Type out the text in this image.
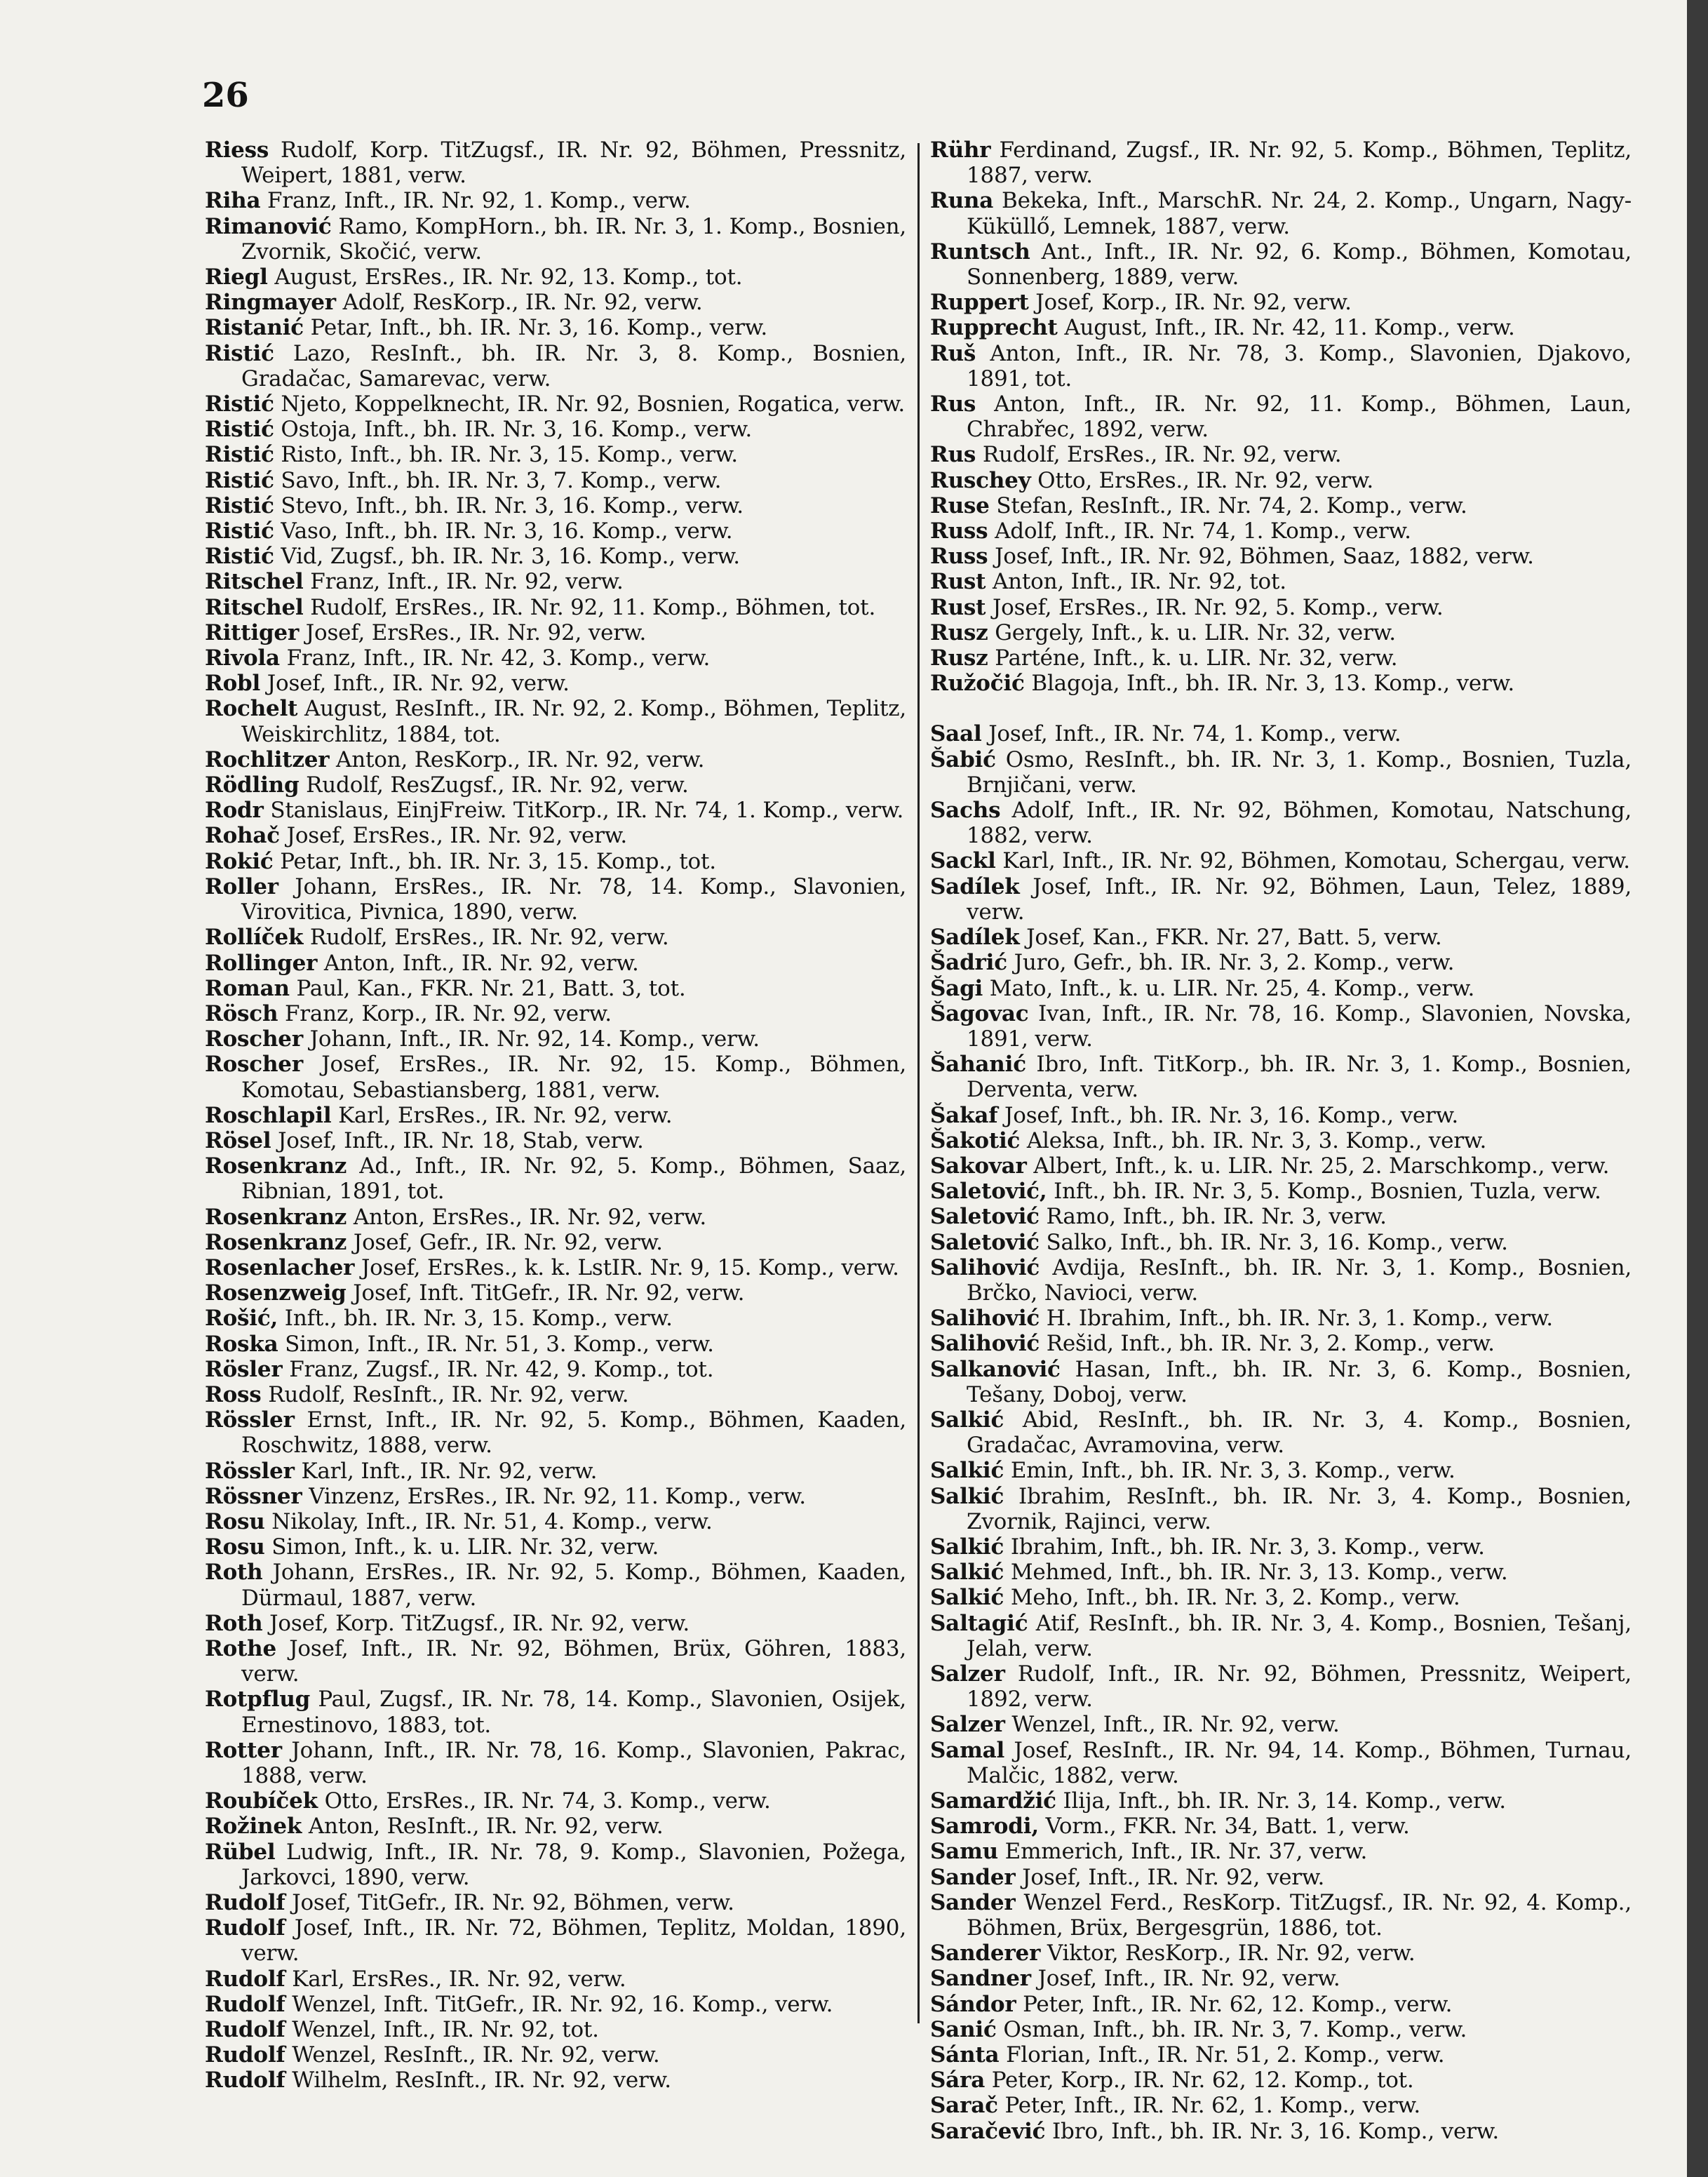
26

Riess Rudolf, Korp. TitZugsf., IR. Nr. 92, Böhmen, Pressnitz, Weipert, 1881, verw.

Riha Franz, Inft., IR. Nr. 92, 1. Komp., verw.

Rimanović Ramo, KompHorn., bh. IR. Nr. 3, 1. Komp., Bosnien, Zvornik, Skočić, verw.

Riegl August, ErsRes., IR. Nr. 92, 13. Komp., tot.

Ringmayer Adolf, ResKorp., IR. Nr. 92, verw.

Ristanić Petar, Inft., bh. IR. Nr. 3, 16. Komp., verw.

Ristić Lazo, ResInft., bh. IR. Nr. 3, 8. Komp., Bosnien, Gradačac, Samarevac, verw.

Ristić Njeto, Koppelknecht, IR. Nr. 92, Bosnien, Rogatica, verw.

Ristić Ostoja, Inft., bh. IR. Nr. 3, 16. Komp., verw.

Ristić Risto, Inft., bh. IR. Nr. 3, 15. Komp., verw.

Ristić Savo, Inft., bh. IR. Nr. 3, 7. Komp., verw.

Ristić Stevo, Inft., bh. IR. Nr. 3, 16. Komp., verw.

Ristić Vaso, Inft., bh. IR. Nr. 3, 16. Komp., verw.

Ristić Vid, Zugsf., bh. IR. Nr. 3, 16. Komp., verw.

Ritschel Franz, Inft., IR. Nr. 92, verw.

Ritschel Rudolf, ErsRes., IR. Nr. 92, 11. Komp., Böhmen, tot.

Rittiger Josef, ErsRes., IR. Nr. 92, verw.

Rivola Franz, Inft., IR. Nr. 42, 3. Komp., verw.

Robl Josef, Inft., IR. Nr. 92, verw.

Rochelt August, ResInft., IR. Nr. 92, 2. Komp., Böhmen, Teplitz, Weiskirchlitz, 1884, tot.

Rochlitzer Anton, ResKorp., IR. Nr. 92, verw.

Rödling Rudolf, ResZugsf., IR. Nr. 92, verw.

Rodr Stanislaus, EinjFreiw. TitKorp., IR. Nr. 74, 1. Komp., verw.

Rohač Josef, ErsRes., IR. Nr. 92, verw.

Rokić Petar, Inft., bh. IR. Nr. 3, 15. Komp., tot.

Roller Johann, ErsRes., IR. Nr. 78, 14. Komp., Slavonien, Virovitica, Pivnica, 1890, verw.

Rollíček Rudolf, ErsRes., IR. Nr. 92, verw.

Rollinger Anton, Inft., IR. Nr. 92, verw.

Roman Paul, Kan., FKR. Nr. 21, Batt. 3, tot.

Rösch Franz, Korp., IR. Nr. 92, verw.

Roscher Johann, Inft., IR. Nr. 92, 14. Komp., verw.

Roscher Josef, ErsRes., IR. Nr. 92, 15. Komp., Böhmen, Komotau, Sebastiansberg, 1881, verw.

Roschlapil Karl, ErsRes., IR. Nr. 92, verw.

Rösel Josef, Inft., IR. Nr. 18, Stab, verw.

Rosenkranz Ad., Inft., IR. Nr. 92, 5. Komp., Böhmen, Saaz, Ribnian, 1891, tot.

Rosenkranz Anton, ErsRes., IR. Nr. 92, verw.

Rosenkranz Josef, Gefr., IR. Nr. 92, verw.

Rosenlacher Josef, ErsRes., k. k. LstIR. Nr. 9, 15. Komp., verw.

Rosenzweig Josef, Inft. TitGefr., IR. Nr. 92, verw.

Rošić, Inft., bh. IR. Nr. 3, 15. Komp., verw.

Roska Simon, Inft., IR. Nr. 51, 3. Komp., verw.

Rösler Franz, Zugsf., IR. Nr. 42, 9. Komp., tot.

Ross Rudolf, ResInft., IR. Nr. 92, verw.

Rössler Ernst, Inft., IR. Nr. 92, 5. Komp., Böhmen, Kaaden, Roschwitz, 1888, verw.

Rössler Karl, Inft., IR. Nr. 92, verw.

Rössner Vinzenz, ErsRes., IR. Nr. 92, 11. Komp., verw.

Rosu Nikolay, Inft., IR. Nr. 51, 4. Komp., verw.

Rosu Simon, Inft., k. u. LIR. Nr. 32, verw.

Roth Johann, ErsRes., IR. Nr. 92, 5. Komp., Böhmen, Kaaden, Dürmaul, 1887, verw.

Roth Josef, Korp. TitZugsf., IR. Nr. 92, verw.

Rothe Josef, Inft., IR. Nr. 92, Böhmen, Brüx, Göhren, 1883, verw.

Rotpflug Paul, Zugsf., IR. Nr. 78, 14. Komp., Slavonien, Osijek, Ernestinovo, 1883, tot.

Rotter Johann, Inft., IR. Nr. 78, 16. Komp., Slavonien, Pakrac, 1888, verw.

Roubíček Otto, ErsRes., IR. Nr. 74, 3. Komp., verw.

Rožinek Anton, ResInft., IR. Nr. 92, verw.

Rübel Ludwig, Inft., IR. Nr. 78, 9. Komp., Slavonien, Požega, Jarkovci, 1890, verw.

Rudolf Josef, TitGefr., IR. Nr. 92, Böhmen, verw.

Rudolf Josef, Inft., IR. Nr. 72, Böhmen, Teplitz, Moldan, 1890, verw.

Rudolf Karl, ErsRes., IR. Nr. 92, verw.

Rudolf Wenzel, Inft. TitGefr., IR. Nr. 92, 16. Komp., verw.

Rudolf Wenzel, Inft., IR. Nr. 92, tot.

Rudolf Wenzel, ResInft., IR. Nr. 92, verw.

Rudolf Wilhelm, ResInft., IR. Nr. 92, verw.

Rühr Ferdinand, Zugsf., IR. Nr. 92, 5. Komp., Böhmen, Teplitz, 1887, verw.

Runa Bekeka, Inft., MarschR. Nr. 24, 2. Komp., Ungarn, Nagy-Küküllő, Lemnek, 1887, verw.

Runtsch Ant., Inft., IR. Nr. 92, 6. Komp., Böhmen, Komotau, Sonnenberg, 1889, verw.

Ruppert Josef, Korp., IR. Nr. 92, verw.

Rupprecht August, Inft., IR. Nr. 42, 11. Komp., verw.

Ruš Anton, Inft., IR. Nr. 78, 3. Komp., Slavonien, Djakovo, 1891, tot.

Rus Anton, Inft., IR. Nr. 92, 11. Komp., Böhmen, Laun, Chrabřec, 1892, verw.

Rus Rudolf, ErsRes., IR. Nr. 92, verw.

Ruschey Otto, ErsRes., IR. Nr. 92, verw.

Ruse Stefan, ResInft., IR. Nr. 74, 2. Komp., verw.

Russ Adolf, Inft., IR. Nr. 74, 1. Komp., verw.

Russ Josef, Inft., IR. Nr. 92, Böhmen, Saaz, 1882, verw.

Rust Anton, Inft., IR. Nr. 92, tot.

Rust Josef, ErsRes., IR. Nr. 92, 5. Komp., verw.

Rusz Gergely, Inft., k. u. LIR. Nr. 32, verw.

Rusz Parténe, Inft., k. u. LIR. Nr. 32, verw.

Ružočić Blagoja, Inft., bh. IR. Nr. 3, 13. Komp., verw.

Saal Josef, Inft., IR. Nr. 74, 1. Komp., verw.

Šabić Osmo, ResInft., bh. IR. Nr. 3, 1. Komp., Bosnien, Tuzla, Brnjičani, verw.

Sachs Adolf, Inft., IR. Nr. 92, Böhmen, Komotau, Natschung, 1882, verw.

Sackl Karl, Inft., IR. Nr. 92, Böhmen, Komotau, Schergau, verw.

Sadílek Josef, Inft., IR. Nr. 92, Böhmen, Laun, Telez, 1889, verw.

Sadílek Josef, Kan., FKR. Nr. 27, Batt. 5, verw.

Šadrić Juro, Gefr., bh. IR. Nr. 3, 2. Komp., verw.

Šagi Mato, Inft., k. u. LIR. Nr. 25, 4. Komp., verw.

Šagovac Ivan, Inft., IR. Nr. 78, 16. Komp., Slavonien, Novska, 1891, verw.

Šahanić Ibro, Inft. TitKorp., bh. IR. Nr. 3, 1. Komp., Bosnien, Derventa, verw.

Šakaf Josef, Inft., bh. IR. Nr. 3, 16. Komp., verw.

Šakotić Aleksa, Inft., bh. IR. Nr. 3, 3. Komp., verw.

Sakovar Albert, Inft., k. u. LIR. Nr. 25, 2. Marschkomp., verw.

Saletović, Inft., bh. IR. Nr. 3, 5. Komp., Bosnien, Tuzla, verw.

Saletović Ramo, Inft., bh. IR. Nr. 3, verw.

Saletović Salko, Inft., bh. IR. Nr. 3, 16. Komp., verw.

Salihović Avdija, ResInft., bh. IR. Nr. 3, 1. Komp., Bosnien, Brčko, Navioci, verw.

Salihović H. Ibrahim, Inft., bh. IR. Nr. 3, 1. Komp., verw.

Salihović Rešid, Inft., bh. IR. Nr. 3, 2. Komp., verw.

Salkanović Hasan, Inft., bh. IR. Nr. 3, 6. Komp., Bosnien, Tešany, Doboj, verw.

Salkić Abid, ResInft., bh. IR. Nr. 3, 4. Komp., Bosnien, Gradačac, Avramovina, verw.

Salkić Emin, Inft., bh. IR. Nr. 3, 3. Komp., verw.

Salkić Ibrahim, ResInft., bh. IR. Nr. 3, 4. Komp., Bosnien, Zvornik, Rajinci, verw.

Salkić Ibrahim, Inft., bh. IR. Nr. 3, 3. Komp., verw.

Salkić Mehmed, Inft., bh. IR. Nr. 3, 13. Komp., verw.

Salkić Meho, Inft., bh. IR. Nr. 3, 2. Komp., verw.

Saltagić Atif, ResInft., bh. IR. Nr. 3, 4. Komp., Bosnien, Tešanj, Jelah, verw.

Salzer Rudolf, Inft., IR. Nr. 92, Böhmen, Pressnitz, Weipert, 1892, verw.

Salzer Wenzel, Inft., IR. Nr. 92, verw.

Samal Josef, ResInft., IR. Nr. 94, 14. Komp., Böhmen, Turnau, Malčic, 1882, verw.

Samardžić Ilija, Inft., bh. IR. Nr. 3, 14. Komp., verw.

Samrodi, Vorm., FKR. Nr. 34, Batt. 1, verw.

Samu Emmerich, Inft., IR. Nr. 37, verw.

Sander Josef, Inft., IR. Nr. 92, verw.

Sander Wenzel Ferd., ResKorp. TitZugsf., IR. Nr. 92, 4. Komp., Böhmen, Brüx, Bergesgrün, 1886, tot.

Sanderer Viktor, ResKorp., IR. Nr. 92, verw.

Sandner Josef, Inft., IR. Nr. 92, verw.

Sándor Peter, Inft., IR. Nr. 62, 12. Komp., verw.

Sanić Osman, Inft., bh. IR. Nr. 3, 7. Komp., verw.

Sánta Florian, Inft., IR. Nr. 51, 2. Komp., verw.

Sára Peter, Korp., IR. Nr. 62, 12. Komp., tot.

Sarač Peter, Inft., IR. Nr. 62, 1. Komp., verw.

Saračević Ibro, Inft., bh. IR. Nr. 3, 16. Komp., verw.
